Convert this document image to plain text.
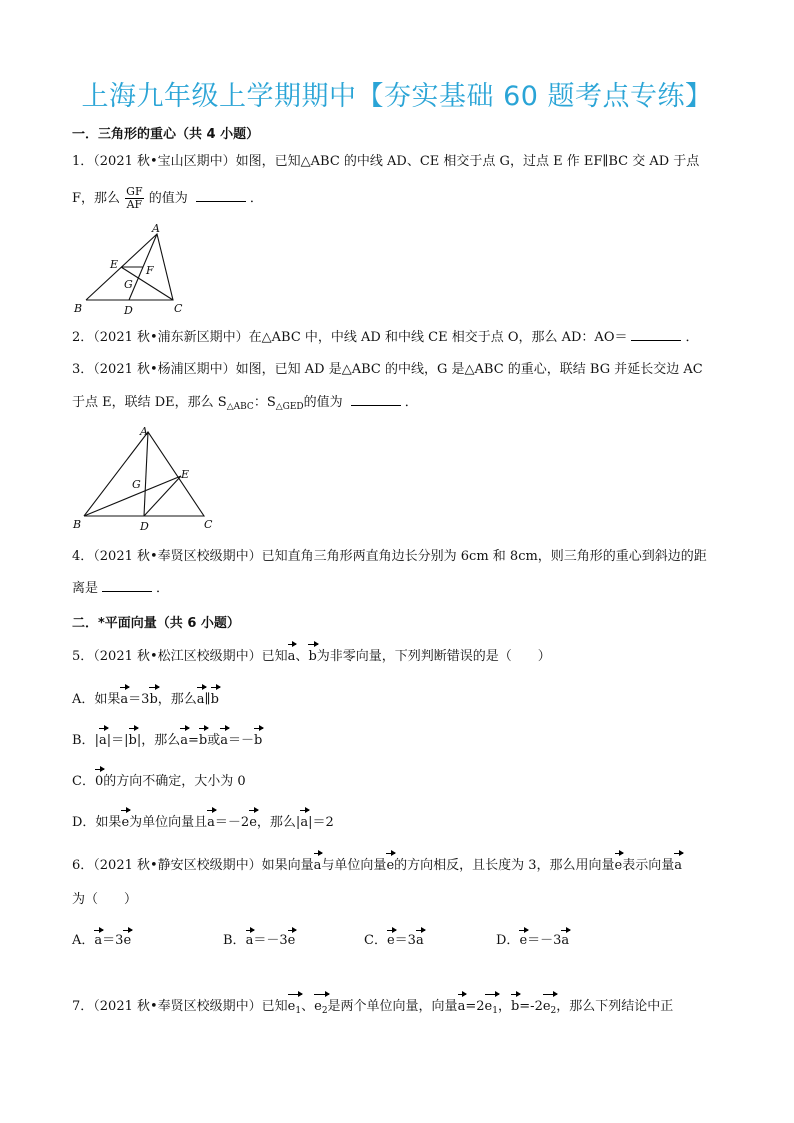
上海九年级上学期期中【夯实基础 60 题考点专练】
一．三角形的重心（共 4 小题）
1．（2021 秋•宝山区期中）如图，已知△ABC 的中线 AD、CE 相交于点 G，过点 E 作 EF∥BC 交 AD 于点
F，那么 $\frac{GF}{AF}$ 的值为	．
A
B	C
D
E	F
G
2．（2021 秋•浦东新区期中）在△ABC 中，中线 AD 和中线 CE 相交于点 O，那么 AD：AO＝	．
3．（2021 秋•杨浦区期中）如图，已知 AD 是△ABC 的中线，G 是△ABC 的重心，联结 BG 并延长交边 AC
于点 E，联结 DE，那么 $S_{\triangle ABC}$：$S_{\triangle GED}$的值为	．
A
B	C
D
E
G
4．（2021 秋•奉贤区校级期中）已知直角三角形两直角边长分别为 6cm 和 8cm，则三角形的重心到斜边的距
离是	．
二．*平面向量（共 6 小题）
5．（2021 秋•松江区校级期中）已知a、b为非零向量，下列判断错误的是（　　）
A．如果a＝3b，那么a∥b
B．|a|＝|b|，那么a=b或a＝－b
C．0的方向不确定，大小为 0
D．如果e为单位向量且a＝－2e，那么|a|＝2
6．（2021 秋•静安区校级期中）如果向量a与单位向量e的方向相反，且长度为 3，那么用向量e表示向量a
为（　　）
A．a＝3e	B．a＝－3e	C．e＝3a	D．e＝－3a
7．（2021 秋•奉贤区校级期中）已知$e_1$、$e_2$是两个单位向量，向量$a=2e_1$，$b=-2e_2$，那么下列结论中正
